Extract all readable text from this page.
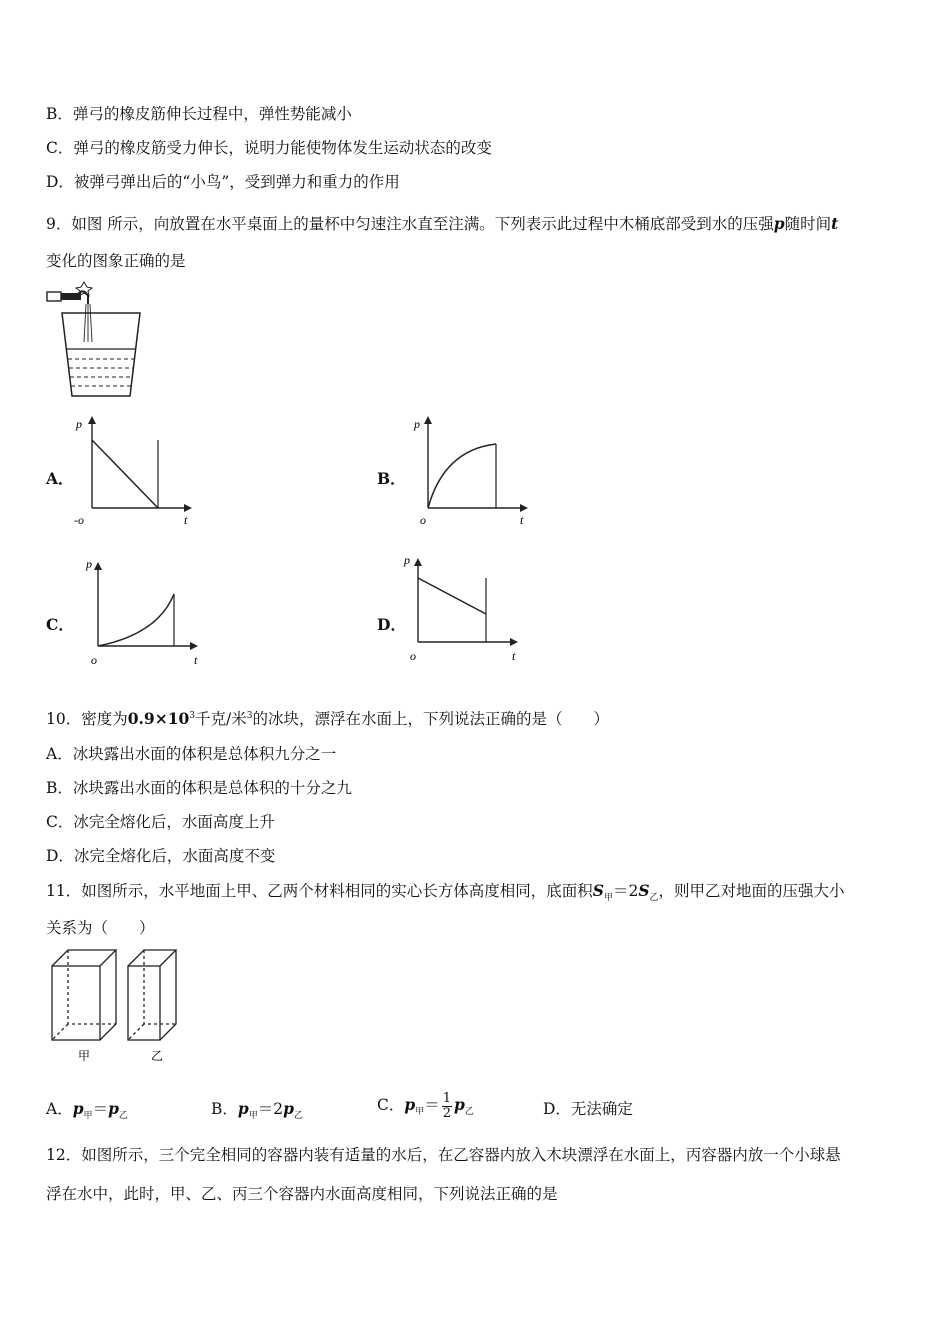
B．弹弓的橡皮筋伸长过程中，弹性势能减小
C．弹弓的橡皮筋受力伸长，说明力能使物体发生运动状态的改变
D．被弹弓弹出后的“小鸟”，受到弹力和重力的作用
9．如图 所示，向放置在水平桌面上的量杯中匀速注水直至注满。下列表示此过程中木桶底部受到水的压强p随时间t
变化的图象正确的是
A．
p
-o	t
B．
p
o	t
C．
p
o	t
D．
p
o	t
10．密度为$0.9\times 10^3$千克/米$^3$的冰块，漂浮在水面上，下列说法正确的是（　　）
A．冰块露出水面的体积是总体积九分之一
B．冰块露出水面的体积是总体积的十分之九
C．冰完全熔化后，水面高度上升
D．冰完全熔化后，水面高度不变
11．如图所示，水平地面上甲、乙两个材料相同的实心长方体高度相同，底面积$S_甲=2S_乙$，则甲乙对地面的压强大小
关系为（　　）
甲	乙
A．$p_甲=p_乙$	B．$p_甲=2p_乙$
C．$p_甲= \frac{1}{2} p_乙$	D．无法确定
12．如图所示，三个完全相同的容器内装有适量的水后，在乙容器内放入木块漂浮在水面上，丙容器内放一个小球悬
浮在水中，此时，甲、乙、丙三个容器内水面高度相同，下列说法正确的是
